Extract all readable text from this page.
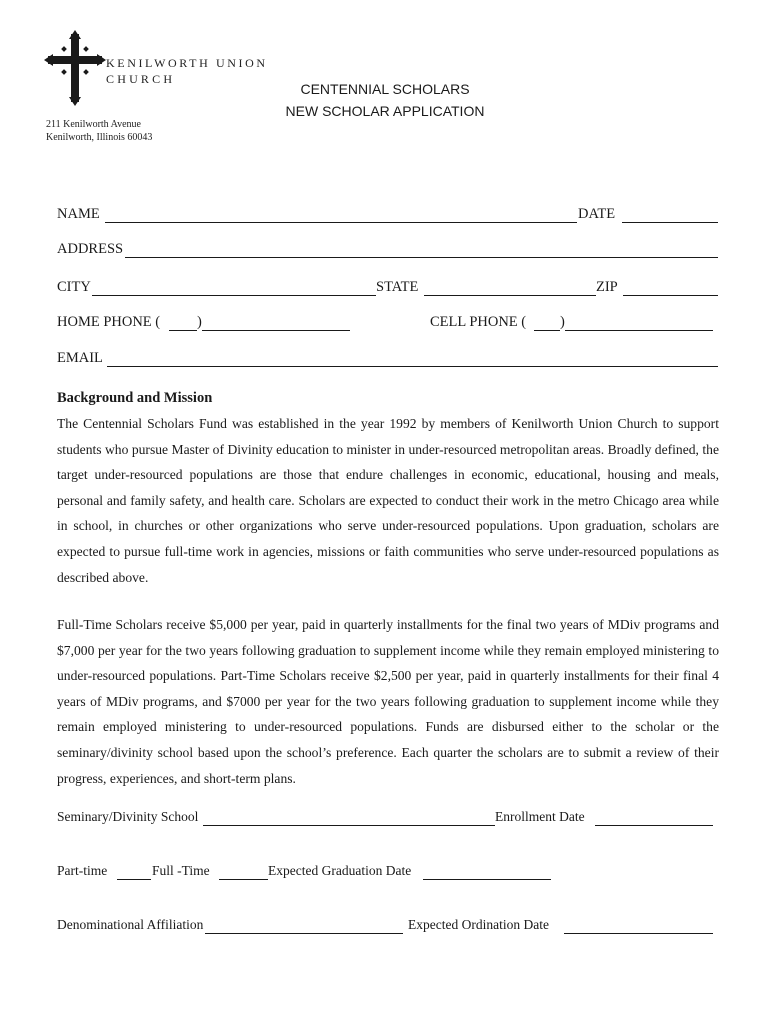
KENILWORTH UNION
CHURCH
211 Kenilworth Avenue
Kenilworth, Illinois 60043
CENTENNIAL SCHOLARS
NEW SCHOLAR APPLICATION
NAME	DATE
ADDRESS
CITY	STATE	ZIP
HOME PHONE (	)	CELL PHONE ( )
EMAIL
Background and Mission
The Centennial Scholars Fund was established in the year 1992 by members of Kenilworth Union Church to support students who pursue Master of Divinity education to minister in under-resourced metropolitan areas. Broadly defined, the target under-resourced populations are those that endure challenges in economic, educational, housing and meals, personal and family safety, and health care. Scholars are expected to conduct their work in the metro Chicago area while in school, in churches or other organizations who serve under-resourced populations. Upon graduation, scholars are expected to pursue full-time work in agencies, missions or faith communities who serve under-resourced populations as described above.
Full-Time Scholars receive $5,000 per year, paid in quarterly installments for the final two years of MDiv programs and $7,000 per year for the two years following graduation to supplement income while they remain employed ministering to under-resourced populations. Part-Time Scholars receive $2,500 per year, paid in quarterly installments for their final 4 years of MDiv programs, and $7000 per year for the two years following graduation to supplement income while they remain employed ministering to under-resourced populations. Funds are disbursed either to the scholar or the seminary/divinity school based upon the school’s preference. Each quarter the scholars are to submit a review of their progress, experiences, and short-term plans.
Seminary/Divinity School	Enrollment Date
Part-time	Full -Time	Expected Graduation Date
Denominational Affiliation	Expected Ordination Date
